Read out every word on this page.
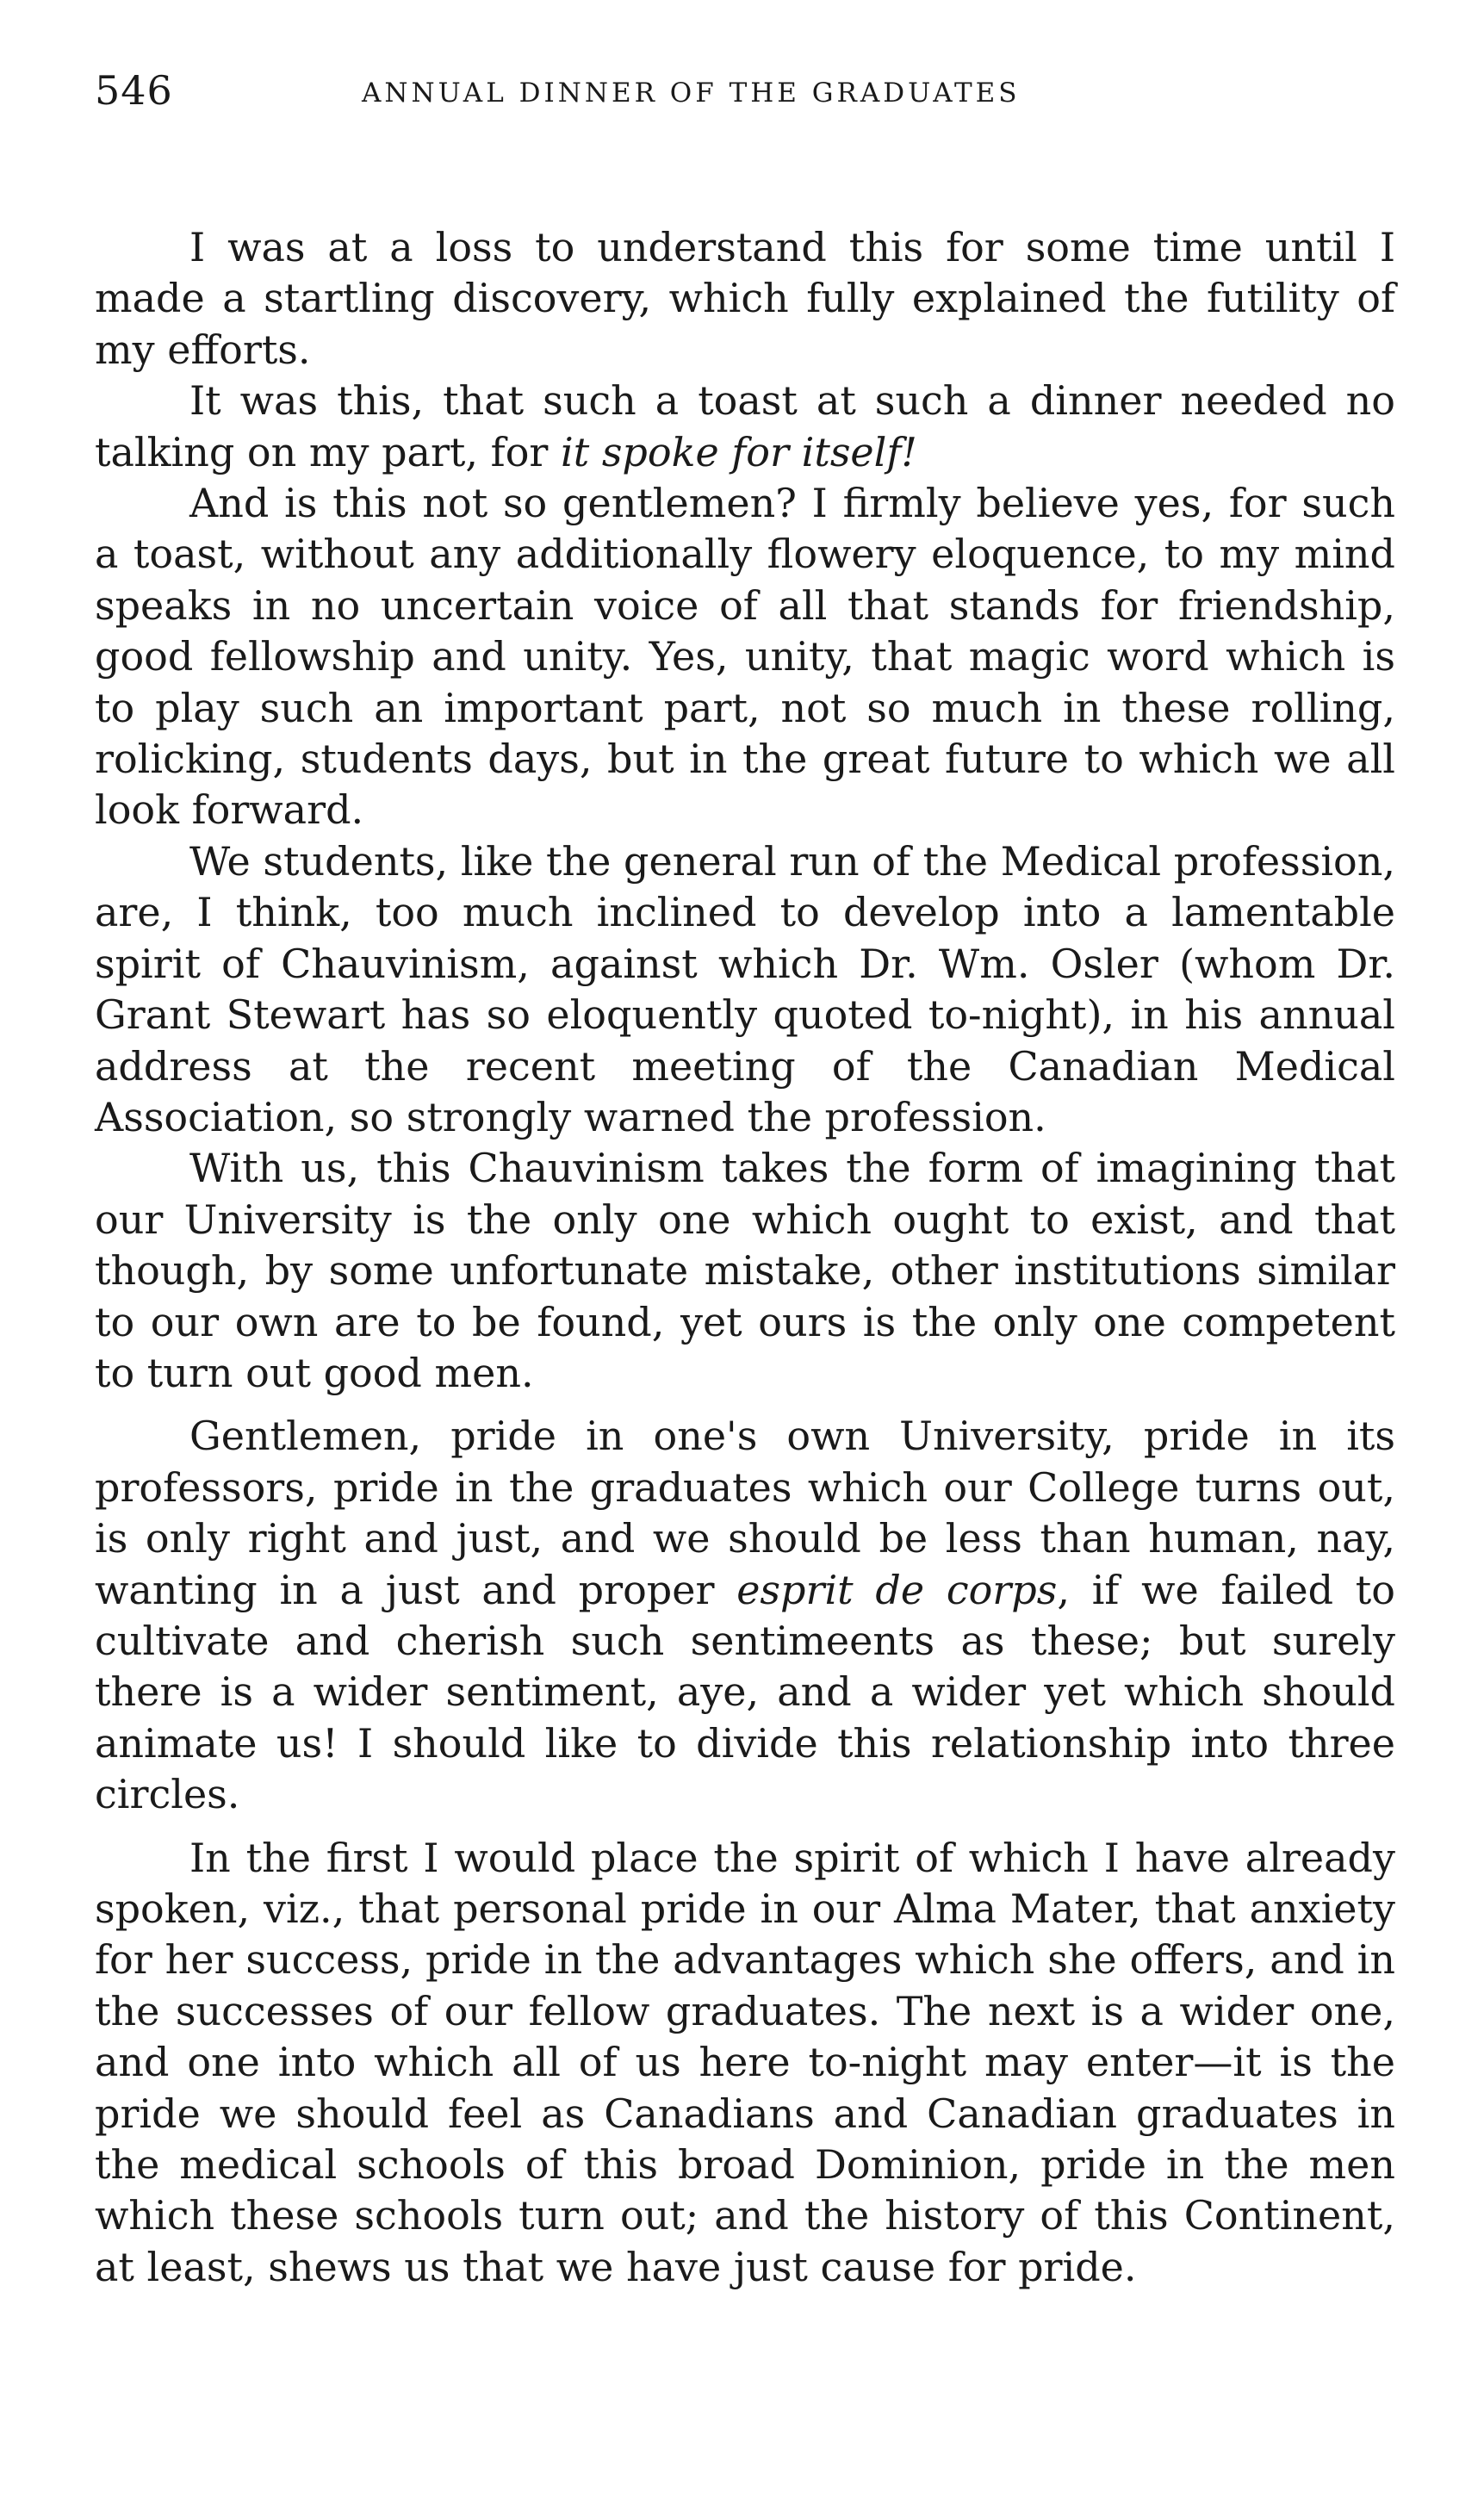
546	ANNUAL DINNER OF THE GRADUATES

I was at a loss to understand this for some time until I made a startling discovery, which fully explained the futility of my efforts.

It was this, that such a toast at such a dinner needed no talking on my part, for it spoke for itself!

And is this not so gentlemen? I firmly believe yes, for such a toast, without any additionally flowery eloquence, to my mind speaks in no uncertain voice of all that stands for friendship, good fellowship and unity. Yes, unity, that magic word which is to play such an important part, not so much in these rolling, rolicking, students days, but in the great future to which we all look forward.

We students, like the general run of the Medical profession, are, I think, too much inclined to develop into a lamentable spirit of Chauvinism, against which Dr. Wm. Osler (whom Dr. Grant Stewart has so eloquently quoted to-night), in his annual address at the recent meeting of the Canadian Medical Association, so strongly warned the profession.

With us, this Chauvinism takes the form of imagining that our University is the only one which ought to exist, and that though, by some unfortunate mistake, other institutions similar to our own are to be found, yet ours is the only one competent to turn out good men.

Gentlemen, pride in one's own University, pride in its professors, pride in the graduates which our College turns out, is only right and just, and we should be less than human, nay, wanting in a just and proper esprit de corps, if we failed to cultivate and cherish such sentimeents as these; but surely there is a wider sentiment, aye, and a wider yet which should animate us! I should like to divide this relationship into three circles.

In the first I would place the spirit of which I have already spoken, viz., that personal pride in our Alma Mater, that anxiety for her success, pride in the advantages which she offers, and in the successes of our fellow graduates. The next is a wider one, and one into which all of us here to-night may enter—it is the pride we should feel as Canadians and Canadian graduates in the medical schools of this broad Dominion, pride in the men which these schools turn out; and the history of this Continent, at least, shews us that we have just cause for pride.
